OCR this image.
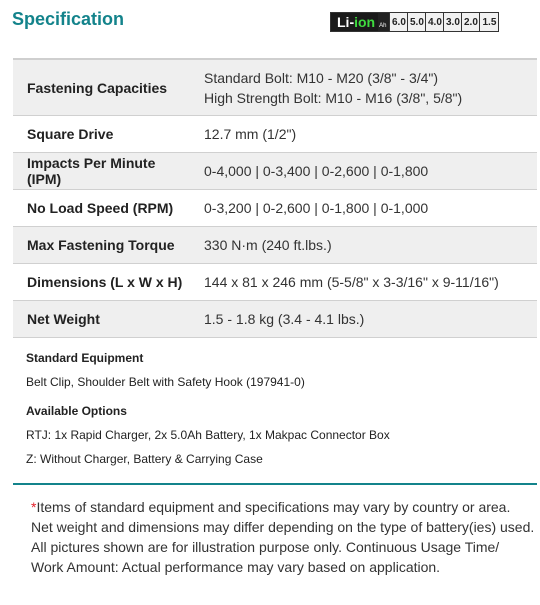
Specification	Li- ion Ah 6.0 5.0 4.0 3.0 2.0 1.5
Fastening Capacities	Standard Bolt: M10 - M20 (3/8" - 3/4")
High Strength Bolt: M10 - M16 (3/8", 5/8")

Square Drive	12.7 mm (1/2")
Impacts Per Minute (IPM)	0-4,000 | 0-3,400 | 0-2,600 | 0-1,800
No Load Speed (RPM)	0-3,200 | 0-2,600 | 0-1,800 | 0-1,000
Max Fastening Torque	330 N·m (240 ft.lbs.)
Dimensions (L x W x H)	144 x 81 x 246 mm (5-5/8" x 3-3/16" x 9-11/16")
Net Weight	1.5 - 1.8 kg (3.4 - 4.1 lbs.)
Standard Equipment
Belt Clip, Shoulder Belt with Safety Hook (197941-0)
Available Options
RTJ: 1x Rapid Charger, 2x 5.0Ah Battery, 1x Makpac Connector Box
Z: Without Charger, Battery & Carrying Case
*Items of standard equipment and specifications may vary by country or area.
Net weight and dimensions may differ depending on the type of battery(ies) used.
All pictures shown are for illustration purpose only. Continuous Usage Time/
Work Amount: Actual performance may vary based on application.
